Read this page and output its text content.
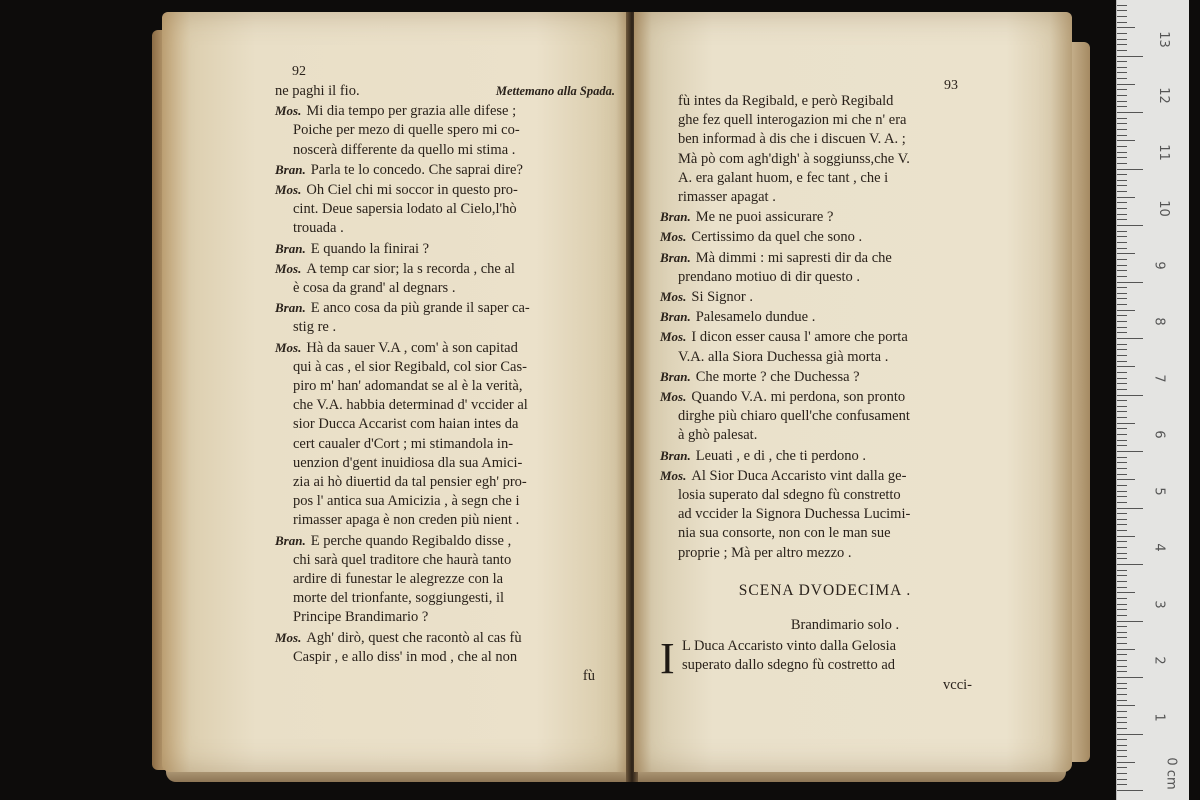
92
ne paghi il fio.	Mettemano alla Spada.
Mos. Mi dia tempo per grazia alle difese ;
Poiche per mezo di quelle spero mi co-
noscerà differente da quello mi stima .
Bran. Parla te lo concedo. Che saprai dire?
Mos. Oh Ciel chi mi soccor in questo pro-
cint. Deue sapersia lodato al Cielo,l'hò
trouada .
Bran. E quando la finirai ?
Mos. A temp car sior; la s recorda , che al
è cosa da grand' al degnars .
Bran. E anco cosa da più grande il saper ca-
stig re .
Mos. Hà da sauer V.A , com' à son capitad
qui à cas , el sior Regibald, col sior Cas-
piro m' han' adomandat se al è la verità,
che V.A. habbia determinad d' vccider al
sior Ducca Accarist com haian intes da
cert caualer d'Cort ; mi stimandola in-
uenzion d'gent inuidiosa dla sua Amici-
zia ai hò diuertid da tal pensier egh' pro-
pos l' antica sua Amicizia , à segn che i
rimasser apaga è non creden più nient .
Bran. E perche quando Regibaldo disse ,
chi sarà quel traditore che haurà tanto
ardire di funestar le alegrezze con la
morte del trionfante, soggiungesti, il
Principe Brandimario ?
Mos. Agh' dirò, quest che racontò al cas fù
Caspir , e allo diss' in mod , che al non
fù
93
fù intes da Regibald, e però Regibald
ghe fez quell interogazion mi che n' era
ben informad à dis che i discuen V. A. ;
Mà pò com agh'digh' à soggiunss,che V.
A. era galant huom, e fec tant , che i
rimasser apagat .
Bran. Me ne puoi assicurare ?
Mos. Certissimo da quel che sono .
Bran. Mà dimmi : mi sapresti dir da che
prendano motiuo di dir questo .
Mos. Si Signor .
Bran. Palesamelo dundue .
Mos. I dicon esser causa l' amore che porta
V.A. alla Siora Duchessa già morta .
Bran. Che morte ? che Duchessa ?
Mos. Quando V.A. mi perdona, son pronto
dirghe più chiaro quell'che confusament
à ghò palesat.
Bran. Leuati , e di , che ti perdono .
Mos. Al Sior Duca Accaristo vint dalla ge-
losia superato dal sdegno fù constretto
ad vccider la Signora Duchessa Lucimi-
nia sua consorte, non con le man sue
proprie ; Mà per altro mezzo .
SCENA DVODECIMA .
Brandimario solo .
I L Duca Accaristo vinto dalla Gelosia
superato dallo sdegno fù costretto ad
vcci-
0 cm
1
2
3
4
5
6
7
8
9
10
11
12
13
